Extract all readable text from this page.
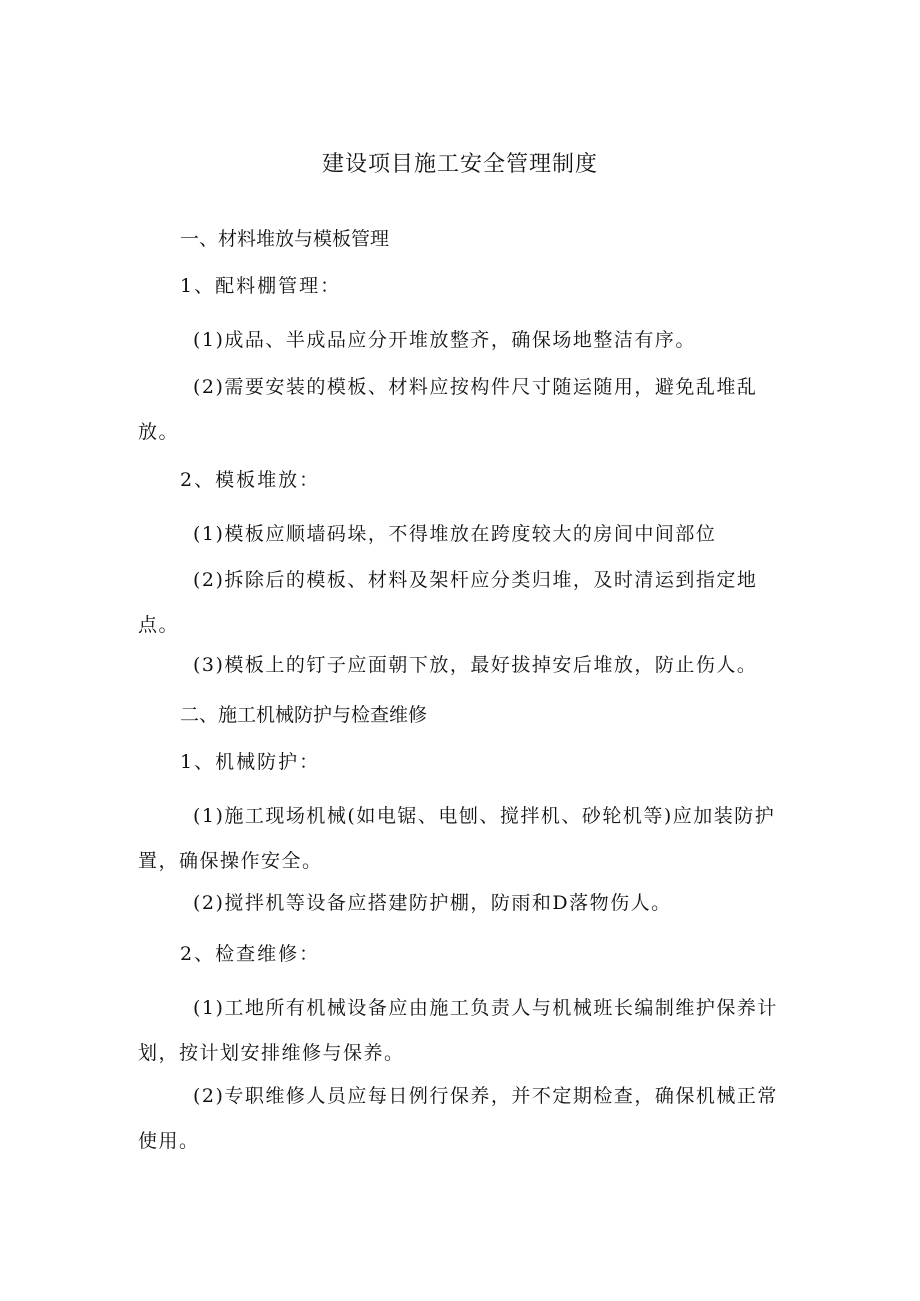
建设项目施工安全管理制度
一、材料堆放与模板管理
1、配料棚管理：
(1)成品、半成品应分开堆放整齐，确保场地整洁有序。
(2)需要安装的模板、材料应按构件尺寸随运随用，避免乱堆乱放。
2、模板堆放：
(1)模板应顺墙码垛，不得堆放在跨度较大的房间中间部位
(2)拆除后的模板、材料及架杆应分类归堆，及时清运到指定地点。
(3)模板上的钉子应面朝下放，最好拔掉安后堆放，防止伤人。
二、施工机械防护与检查维修
1、机械防护：
(1)施工现场机械(如电锯、电刨、搅拌机、砂轮机等)应加装防护置，确保操作安全。
(2)搅拌机等设备应搭建防护棚，防雨和D落物伤人。
2、检查维修：
(1)工地所有机械设备应由施工负责人与机械班长编制维护保养计划，按计划安排维修与保养。
(2)专职维修人员应每日例行保养，并不定期检查，确保机械正常使用。
